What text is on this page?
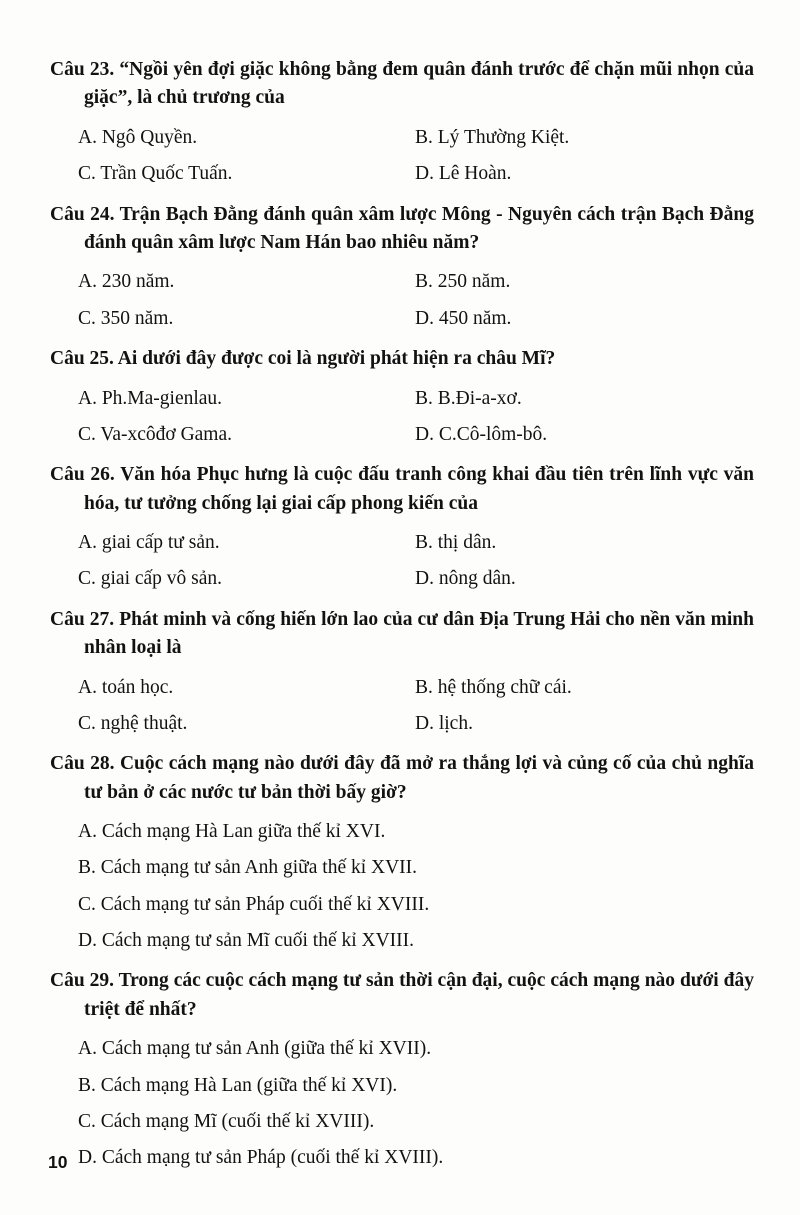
Câu 23. “Ngồi yên đợi giặc không bằng đem quân đánh trước để chặn mũi nhọn của giặc”, là chủ trương của

A. Ngô Quyền.	B. Lý Thường Kiệt.

C. Trần Quốc Tuấn.	D. Lê Hoàn.

Câu 24. Trận Bạch Đằng đánh quân xâm lược Mông - Nguyên cách trận Bạch Đằng đánh quân xâm lược Nam Hán bao nhiêu năm?

A. 230 năm.	B. 250 năm.

C. 350 năm.	D. 450 năm.

Câu 25. Ai dưới đây được coi là người phát hiện ra châu Mĩ?

A. Ph.Ma-gienlau.	B. B.Đi-a-xơ.

C. Va-xcôđơ Gama.	D. C.Cô-lôm-bô.

Câu 26. Văn hóa Phục hưng là cuộc đấu tranh công khai đầu tiên trên lĩnh vực văn hóa, tư tưởng chống lại giai cấp phong kiến của

A. giai cấp tư sản.	B. thị dân.

C. giai cấp vô sản.	D. nông dân.

Câu 27. Phát minh và cống hiến lớn lao của cư dân Địa Trung Hải cho nền văn minh nhân loại là

A. toán học.	B. hệ thống chữ cái.

C. nghệ thuật.	D. lịch.

Câu 28. Cuộc cách mạng nào dưới đây đã mở ra thắng lợi và củng cố của chủ nghĩa tư bản ở các nước tư bản thời bấy giờ?

A. Cách mạng Hà Lan giữa thế kỉ XVI.

B. Cách mạng tư sản Anh giữa thế kỉ XVII.

C. Cách mạng tư sản Pháp cuối thế kỉ XVIII.

D. Cách mạng tư sản Mĩ cuối thế kỉ XVIII.

Câu 29. Trong các cuộc cách mạng tư sản thời cận đại, cuộc cách mạng nào dưới đây triệt để nhất?

A. Cách mạng tư sản Anh (giữa thế kỉ XVII).

B. Cách mạng Hà Lan (giữa thế kỉ XVI).

C. Cách mạng Mĩ (cuối thế kỉ XVIII).

D. Cách mạng tư sản Pháp (cuối thế kỉ XVIII).

10
